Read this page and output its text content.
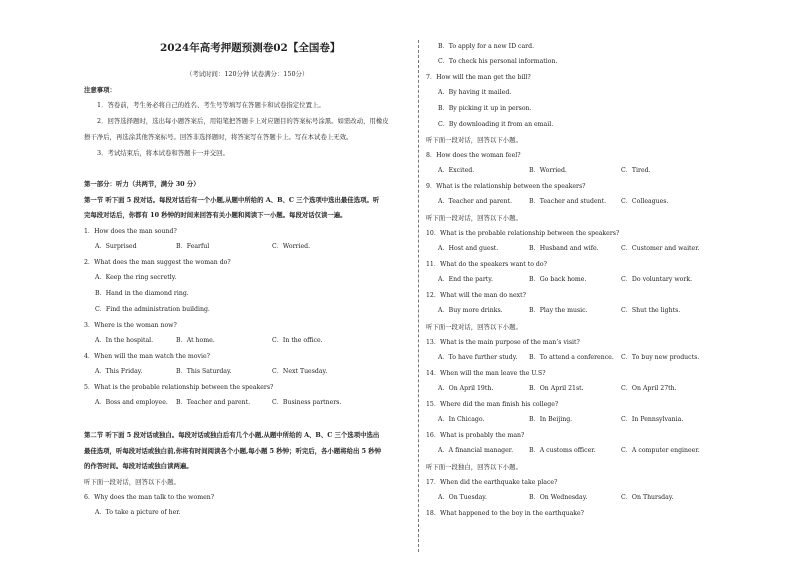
2024年高考押题预测卷02【全国卷】
（考试时间：120分钟 试卷满分：150分）
注意事项：
1．答卷前，考生务必将自己的姓名、考生号等填写在答题卡和试卷指定位置上。
2．回答选择题时，选出每小题答案后，用铅笔把答题卡上对应题目的答案标号涂黑。如需改动，用橡皮
擦干净后，再选涂其他答案标号。回答非选择题时，将答案写在答题卡上。写在本试卷上无效。
3．考试结束后，将本试卷和答题卡一并交回。
第一部分：听力（共两节，满分 30 分）
第一节 听下面 5 段对话。每段对话后有一个小题,从题中所给的 A、B、C 三个选项中选出最佳选项。听
完每段对话后，你都有 10 秒钟的时间来回答有关小题和阅读下一小题。每段对话仅读一遍。
1．How does the man sound?
A．Surprised	B．Fearful	C．Worried.
2．What does the man suggest the woman do?
A．Keep the ring secretly.
B．Hand in the diamond ring.
C．Find the administration building.
3．Where is the woman now?
A．In the hospital.	B．At home.	C．In the office.
4．When will the man watch the movie?
A．This Friday.	B．This Saturday.	C．Next Tuesday.
5．What is the probable relationship between the speakers?
A．Boss and employee. B．Teacher and parent.	C．Business partners.
第二节 听下面 5 段对话或独白。每段对话或独白后有几个小题,从题中所给的 A、B、C 三个选项中选出
最佳选项，听每段对话或独白前,你将有时间阅读各个小题,每小题 5 秒钟；听完后，各小题将给出 5 秒钟
的作答时间。每段对话或独白读两遍。
听下面一段对话，回答以下小题。
6．Why does the man talk to the women?
A．To take a picture of her.
B．To apply for a new ID card.
C．To check his personal information.
7．How will the man get the bill?
A．By having it mailed.
B．By picking it up in person.
C．By downloading it from an email.
听下面一段对话，回答以下小题。
8．How does the woman feel?
A．Excited.	B．Worried.	C．Tired.
9．What is the relationship between the speakers?
A．Teacher and parent.	B．Teacher and student. C．Colleagues.
听下面一段对话，回答以下小题。
10．What is the probable relationship between the speakers?
A．Host and guest.	B．Husband and wife.	C．Customer and waiter.
11．What do the speakers want to do?
A．End the party.	B．Go back home.	C．Do voluntary work.
12．What will the man do next?
A．Buy more drinks.	B．Play the music.	C．Shut the lights.
听下面一段对话，回答以下小题。
13．What is the main purpose of the man’s visit?
A．To have further study. B．To attend a conference. C．To buy new products.
14．When will the man leave the U.S?
A．On April 19th.	B．On April 21st.	C．On April 27th.
15．Where did the man finish his college?
A．In Chicago.	B．In Beijing.	C．In Pennsylvania.
16．What is probably the man?
A．A financial manager.	B．A customs officer.	C．A computer engineer.
听下面一段独白，回答以下小题。
17．When did the earthquake take place?
A．On Tuesday.	B．On Wednesday.	C．On Thursday.
18．What happened to the boy in the earthquake?
